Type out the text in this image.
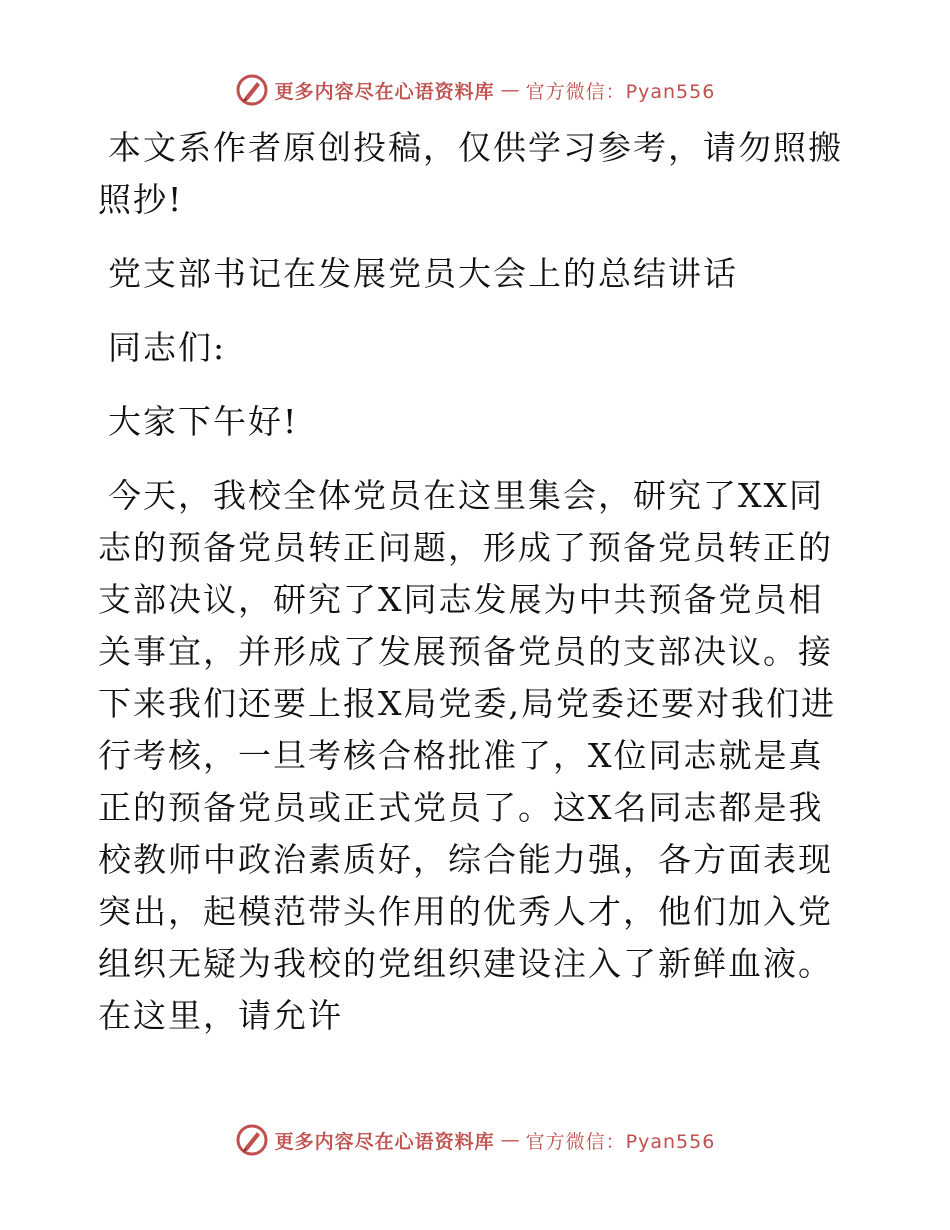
更多内容尽在心语资料库 — 官方微信：Pyan556

本文系作者原创投稿，仅供学习参考，请勿照搬照抄!

党支部书记在发展党员大会上的总结讲话

同志们:

大家下午好!

今天，我校全体党员在这里集会，研究了XX同志的预备党员转正问题，形成了预备党员转正的支部决议，研究了X同志发展为中共预备党员相关事宜，并形成了发展预备党员的支部决议。接下来我们还要上报X局党委,局党委还要对我们进行考核，一旦考核合格批准了，X位同志就是真正的预备党员或正式党员了。这X名同志都是我校教师中政治素质好，综合能力强，各方面表现突出，起模范带头作用的优秀人才，他们加入党组织无疑为我校的党组织建设注入了新鲜血液。在这里，请允许

更多内容尽在心语资料库 — 官方微信：Pyan556
